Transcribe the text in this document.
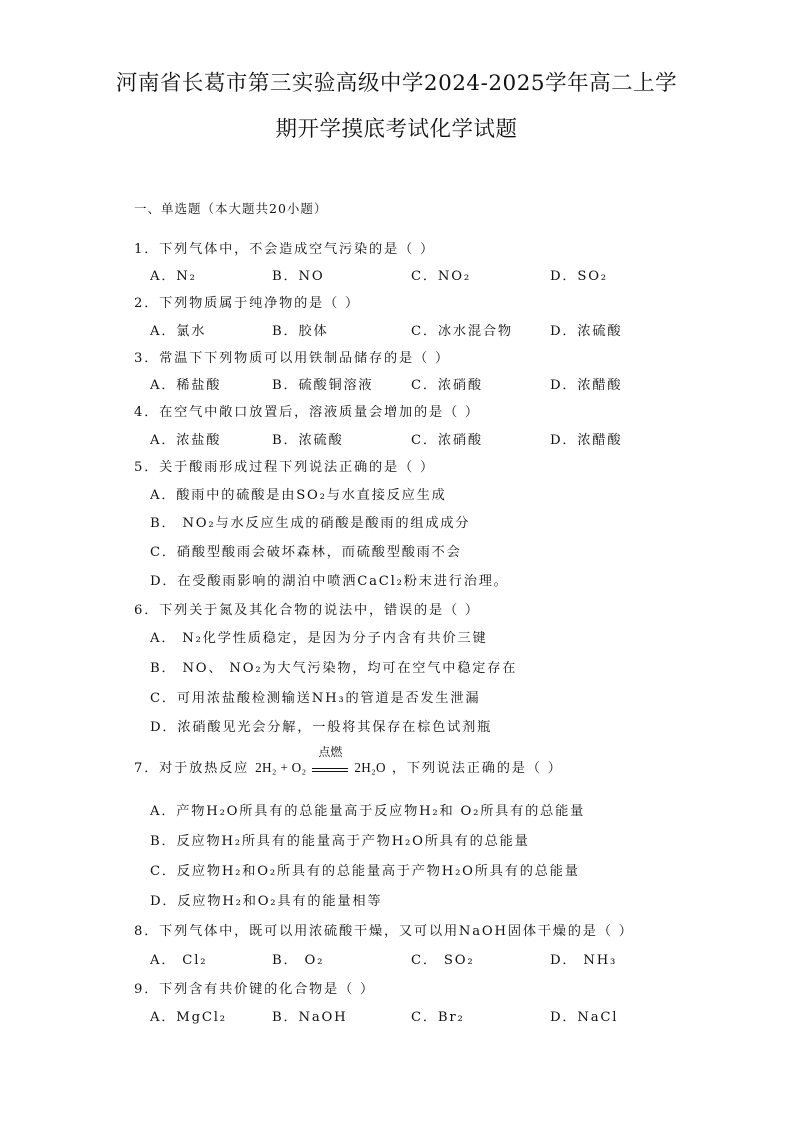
河南省长葛市第三实验高级中学2024-2025学年高二上学
期开学摸底考试化学试题
一、单选题（本大题共20小题）
1．下列气体中，不会造成空气污染的是（ ）
A．N₂	B．NO	C．NO₂	D．SO₂
2．下列物质属于纯净物的是（ ）
A．氯水	B．胶体	C．冰水混合物	D．浓硫酸
3．常温下下列物质可以用铁制品储存的是（ ）
A．稀盐酸	B．硫酸铜溶液	C．浓硝酸	D．浓醋酸
4．在空气中敞口放置后，溶液质量会增加的是（ ）
A．浓盐酸	B．浓硫酸	C．浓硝酸	D．浓醋酸
5．关于酸雨形成过程下列说法正确的是（ ）
A．酸雨中的硫酸是由SO₂与水直接反应生成
B． NO₂与水反应生成的硝酸是酸雨的组成成分
C．硝酸型酸雨会破坏森林，而硫酸型酸雨不会
D．在受酸雨影响的湖泊中喷洒CaCl₂粉末进行治理。
6．下列关于氮及其化合物的说法中，错误的是（ ）
A． N₂化学性质稳定，是因为分子内含有共价三键
B． NO、 NO₂为大气污染物，均可在空气中稳定存在
C．可用浓盐酸检测输送NH₃的管道是否发生泄漏
D．浓硝酸见光会分解，一般将其保存在棕色试剂瓶
7．对于放热反应 2H₂ + O₂
点燃
2H₂O ，下列说法正确的是（ ）
A．产物H₂O所具有的总能量高于反应物H₂和 O₂所具有的总能量
B．反应物H₂所具有的能量高于产物H₂O所具有的总能量
C．反应物H₂和O₂所具有的总能量高于产物H₂O所具有的总能量
D．反应物H₂和O₂具有的能量相等
8．下列气体中，既可以用浓硫酸干燥，又可以用NaOH固体干燥的是（ ）
A． Cl₂	B． O₂	C． SO₂	D． NH₃
9．下列含有共价键的化合物是（ ）
A．MgCl₂	B．NaOH	C．Br₂	D．NaCl
